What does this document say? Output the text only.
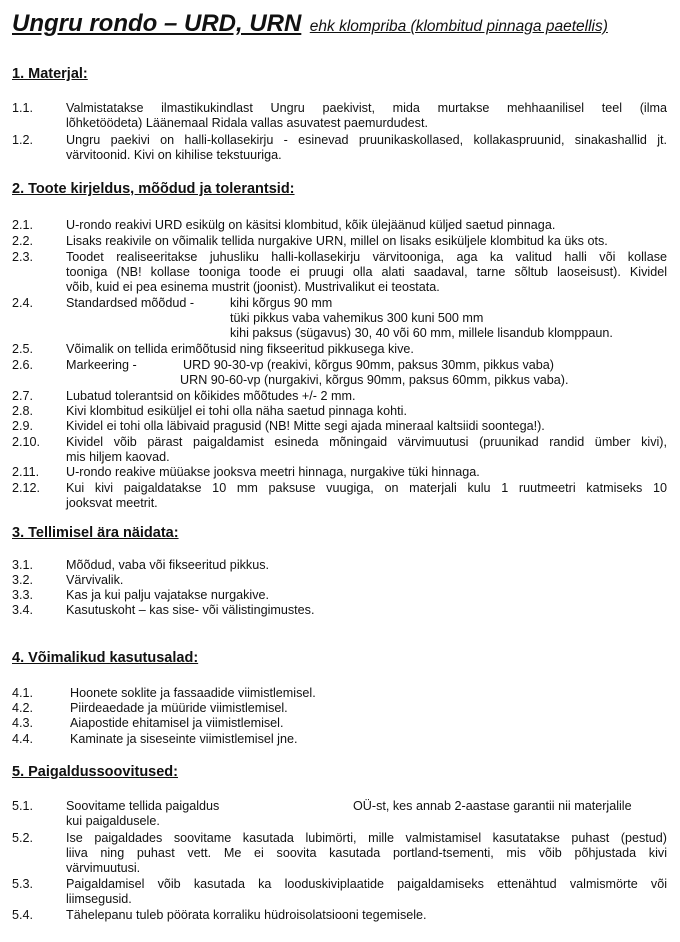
Ungru rondo – URD, URN ehk klompriba (klombitud pinnaga paetellis)
1. Materjal:
1.1.	Valmistatakse ilmastikukindlast Ungru paekivist, mida murtakse mehhaanilisel teel (ilma
lõhketöödeta) Läänemaal Ridala vallas asuvatest paemurdudest.
1.2.	Ungru paekivi on halli-kollasekirju - esinevad pruunikaskollased, kollakaspruunid, sinakashallid jt.
värvitoonid. Kivi on kihilise tekstuuriga.
2. Toote kirjeldus, mõõdud ja tolerantsid:
2.1.	U-rondo reakivi URD esikülg on käsitsi klombitud, kõik ülejäänud küljed saetud pinnaga.
2.2.	Lisaks reakivile on võimalik tellida nurgakive URN, millel on lisaks esiküljele klombitud ka üks ots.
2.3.	Toodet realiseeritakse juhusliku halli-kollasekirju värvitooniga, aga ka valitud halli või kollase
tooniga (NB! kollase tooniga toode ei pruugi olla alati saadaval, tarne sõltub laoseisust). Kividel
võib, kuid ei pea esinema mustrit (joonist). Mustrivalikut ei teostata.
2.4.	Standardsed mõõdud -	kihi kõrgus 90 mm
tüki pikkus vaba vahemikus 300 kuni 500 mm
kihi paksus (sügavus) 30, 40 või 60 mm, millele lisandub klomppaun.
2.5.	Võimalik on tellida erimõõtusid ning fikseeritud pikkusega kive.
2.6.	Markeering -	URD 90-30-vp (reakivi, kõrgus 90mm, paksus 30mm, pikkus vaba)
URN 90-60-vp (nurgakivi, kõrgus 90mm, paksus 60mm, pikkus vaba).
2.7.	Lubatud tolerantsid on kõikides mõõtudes +/- 2 mm.
2.8.	Kivi klombitud esiküljel ei tohi olla näha saetud pinnaga kohti.
2.9.	Kividel ei tohi olla läbivaid pragusid (NB! Mitte segi ajada mineraal kaltsiidi soontega!).
2.10. Kividel võib pärast paigaldamist esineda mõningaid värvimuutusi (pruunikad randid ümber kivi),
mis hiljem kaovad.
2.11. U-rondo reakive müüakse jooksva meetri hinnaga, nurgakive tüki hinnaga.
2.12. Kui kivi paigaldatakse 10 mm paksuse vuugiga, on materjali kulu 1 ruutmeetri katmiseks 10
jooksvat meetrit.
3. Tellimisel ära näidata:
3.1.	Mõõdud, vaba või fikseeritud pikkus.
3.2.	Värvivalik.
3.3.	Kas ja kui palju vajatakse nurgakive.
3.4.	Kasutuskoht – kas sise- või välistingimustes.
4. Võimalikud kasutusalad:
4.1.	Hoonete soklite ja fassaadide viimistlemisel.
4.2.	Piirdeaedade ja müüride viimistlemisel.
4.3.	Aiapostide ehitamisel ja viimistlemisel.
4.4.	Kaminate ja siseseinte viimistlemisel jne.
5. Paigaldussoovitused:
5.1.	Soovitame tellida paigaldus	OÜ-st, kes annab 2-aastase garantii nii materjalile
kui paigaldusele.
5.2.	Ise paigaldades soovitame kasutada lubimörti, mille valmistamisel kasutatakse puhast (pestud)
liiva ning puhast vett. Me ei soovita kasutada portland-tsementi, mis võib põhjustada kivi
värvimuutusi.
5.3.	Paigaldamisel võib kasutada ka looduskiviplaatide paigaldamiseks ettenähtud valmismörte või
liimsegusid.
5.4.	Tähelepanu tuleb pöörata korraliku hüdroisolatsiooni tegemisele.
